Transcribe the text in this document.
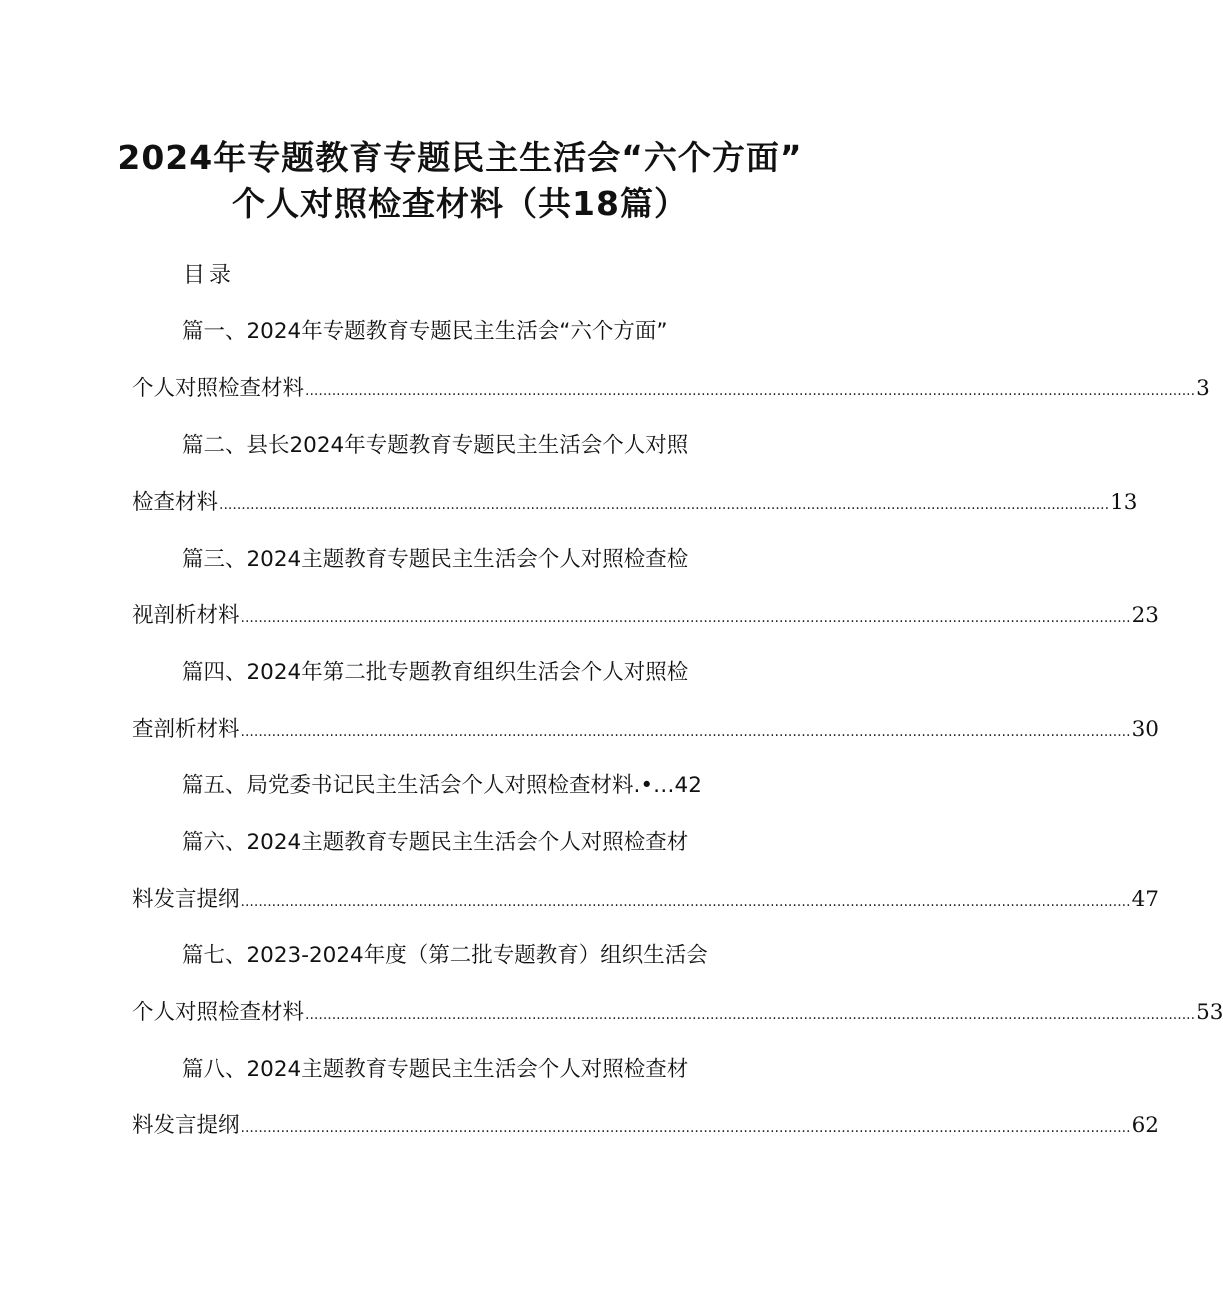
2024年专题教育专题民主生活会“六个方面”
个人对照检查材料（共18篇）
目录
篇一、2024年专题教育专题民主生活会“六个方面”
个人对照检查材料 ........................................................................................................................................................................................................ 3
篇二、县长2024年专题教育专题民主生活会个人对照
检查材料 ........................................................................................................................................................................................................ 13
篇三、2024主题教育专题民主生活会个人对照检查检
视剖析材料 ........................................................................................................................................................................................................ 23
篇四、2024年第二批专题教育组织生活会个人对照检
查剖析材料 ........................................................................................................................................................................................................ 30
篇五、局党委书记民主生活会个人对照检查材料.•…42
篇六、2024主题教育专题民主生活会个人对照检查材
料发言提纲 ........................................................................................................................................................................................................ 47
篇七、2023-2024年度（第二批专题教育）组织生活会
个人对照检查材料 ........................................................................................................................................................................................................ 53
篇八、2024主题教育专题民主生活会个人对照检查材
料发言提纲 ........................................................................................................................................................................................................ 62
